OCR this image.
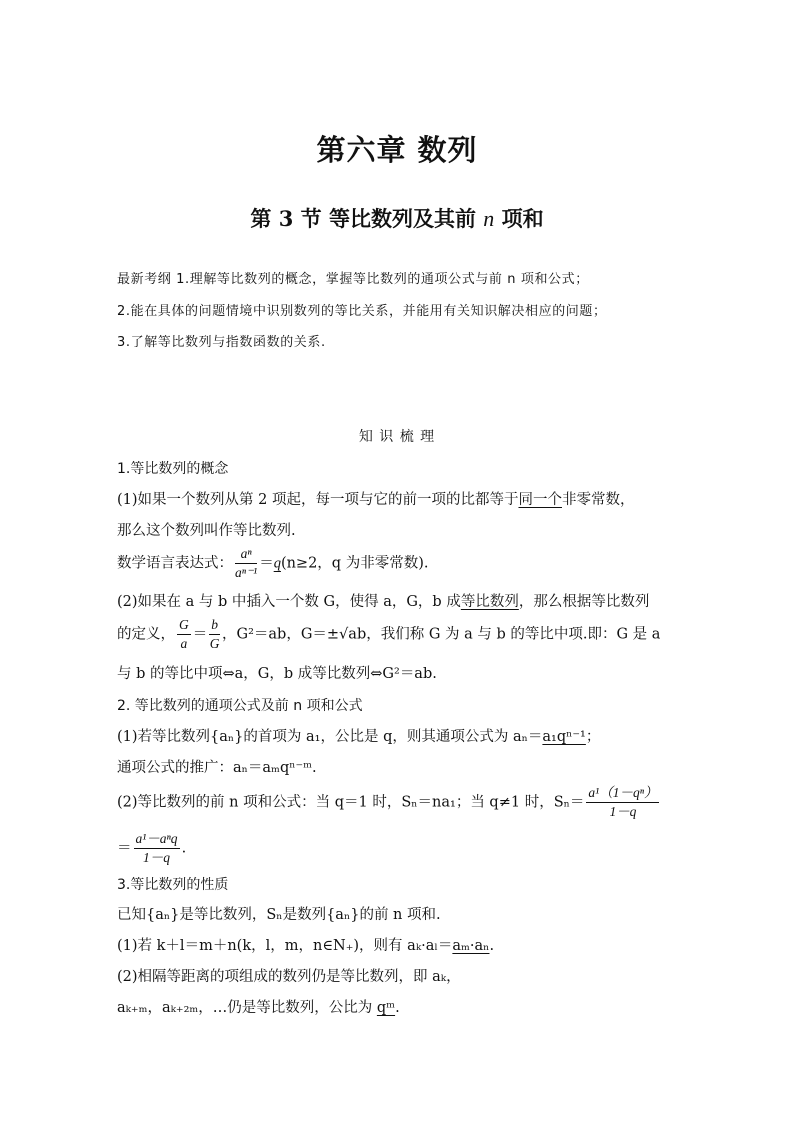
第六章 数列
第 3 节 等比数列及其前 n 项和
最新考纲 1.理解等比数列的概念，掌握等比数列的通项公式与前 n 项和公式；
2.能在具体的问题情境中识别数列的等比关系，并能用有关知识解决相应的问题；
3.了解等比数列与指数函数的关系.
知 识 梳 理
1.等比数列的概念
(1)如果一个数列从第 2 项起，每一项与它的前一项的比都等于同一个非零常数，
那么这个数列叫作等比数列.
数学语言表达式： $\frac{\text{aⁿ}}{\text{aⁿ⁻¹}} =q(n\ge 2$，q 为非零常数).
(2)如果在 a 与 b 中插入一个数 G，使得 a，G，b 成等比数列，那么根据等比数列
的定义， $\frac{G}{a} = \frac{b}{G}$ ，G²＝ab，G＝±√ab，我们称 G 为 a 与 b 的等比中项.即：G 是 a
与 b 的等比中项⇔a，G，b 成等比数列⇔G²＝ab.
2. 等比数列的通项公式及前 n 项和公式
(1)若等比数列{aₙ}的首项为 a₁，公比是 q，则其通项公式为 aₙ＝a₁qⁿ⁻¹；
通项公式的推广：aₙ＝aₘqⁿ⁻ᵐ.
(2)等比数列的前 n 项和公式：当 q＝1 时，Sₙ＝na₁；当 q≠1 时，$S_n= \frac{\text{a¹（1－qⁿ）}}{1-q}$
＝ $\frac{\text{a¹－aⁿq}}{1-q}$ .
3.等比数列的性质
已知{aₙ}是等比数列，Sₙ是数列{aₙ}的前 n 项和.
(1)若 k＋l＝m＋n(k，l，m，n∈N₊)，则有 aₖ·aₗ＝aₘ·aₙ.
(2)相隔等距离的项组成的数列仍是等比数列，即 aₖ，
aₖ₊ₘ，aₖ₊₂ₘ，…仍是等比数列，公比为 qᵐ.
